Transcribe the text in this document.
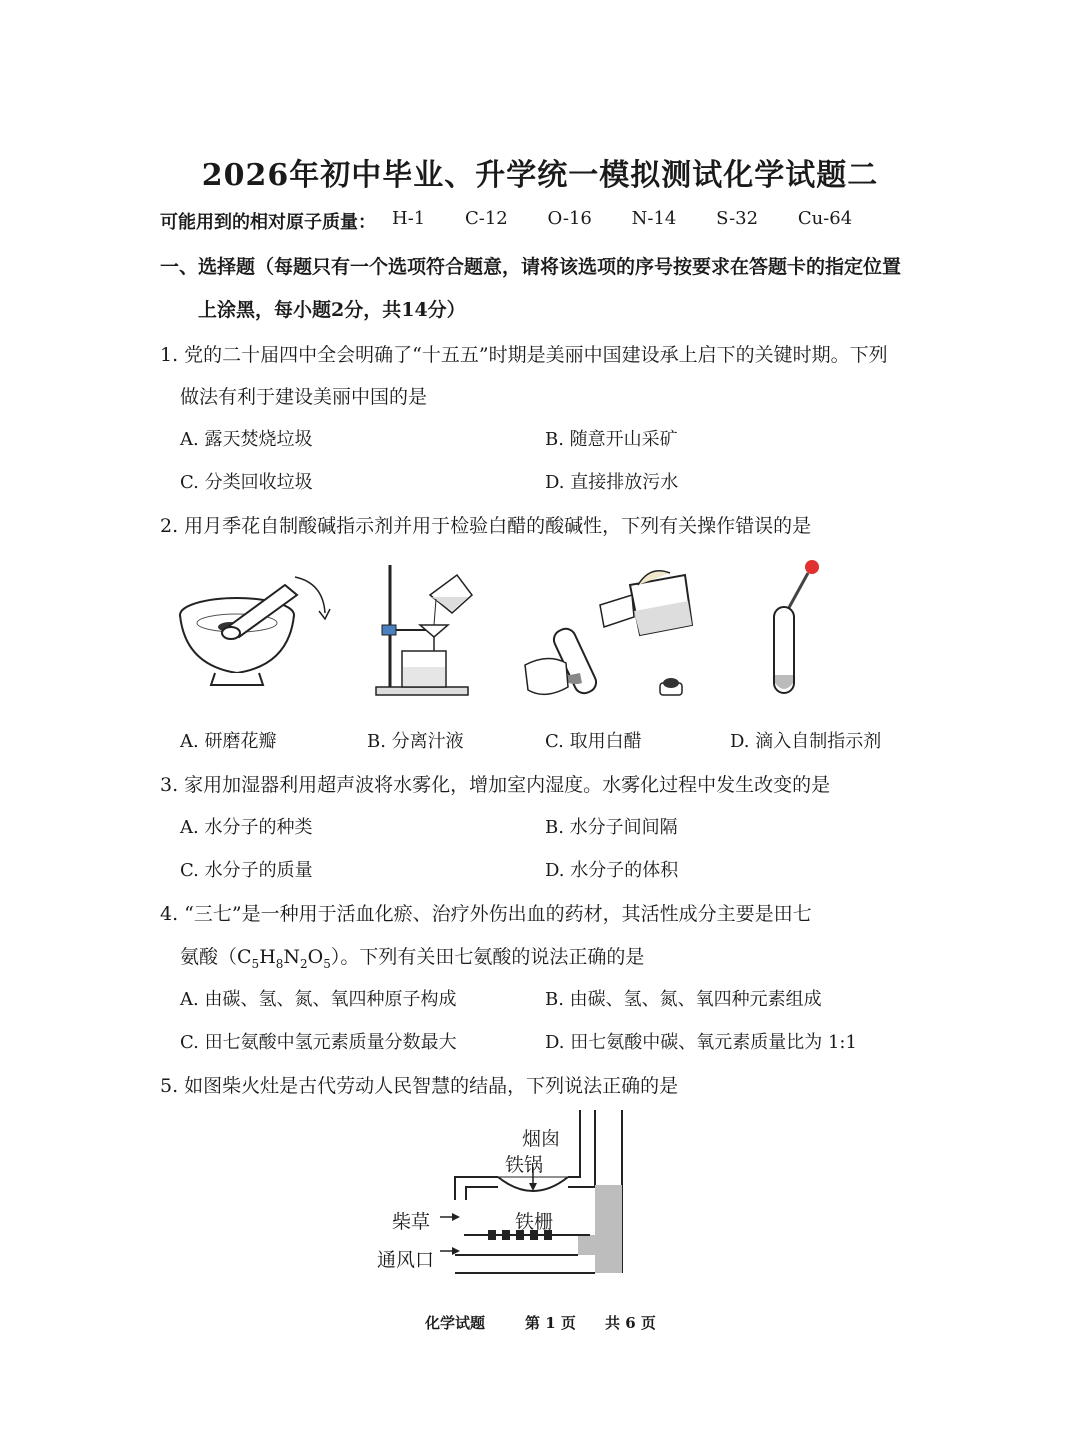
2026年初中毕业、升学统一模拟测试化学试题二
可能用到的相对原子质量： H-1 C-12 O-16 N-14 S-32 Cu-64
一、选择题（每题只有一个选项符合题意，请将该选项的序号按要求在答题卡的指定位置
上涂黑，每小题2分，共14分）
1. 党的二十届四中全会明确了“十五五”时期是美丽中国建设承上启下的关键时期。下列
做法有利于建设美丽中国的是
A. 露天焚烧垃圾	B. 随意开山采矿
C. 分类回收垃圾	D. 直接排放污水
2. 用月季花自制酸碱指示剂并用于检验白醋的酸碱性，下列有关操作错误的是
A. 研磨花瓣	B. 分离汁液	C. 取用白醋	D. 滴入自制指示剂
3. 家用加湿器利用超声波将水雾化，增加室内湿度。水雾化过程中发生改变的是
A. 水分子的种类	B. 水分子间间隔
C. 水分子的质量	D. 水分子的体积
4. “三七”是一种用于活血化瘀、治疗外伤出血的药材，其活性成分主要是田七
氨酸$(C_5H_8N_2O_5)$。下列有关田七氨酸的说法正确的是
A. 由碳、氢、氮、氧四种原子构成	B. 由碳、氢、氮、氧四种元素组成
C. 田七氨酸中氢元素质量分数最大	D. 田七氨酸中碳、氧元素质量比为 1:1
5. 如图柴火灶是古代劳动人民智慧的结晶，下列说法正确的是
烟囱
铁锅
柴草	铁栅
通风口
化学试题	第 1 页 共 6 页
